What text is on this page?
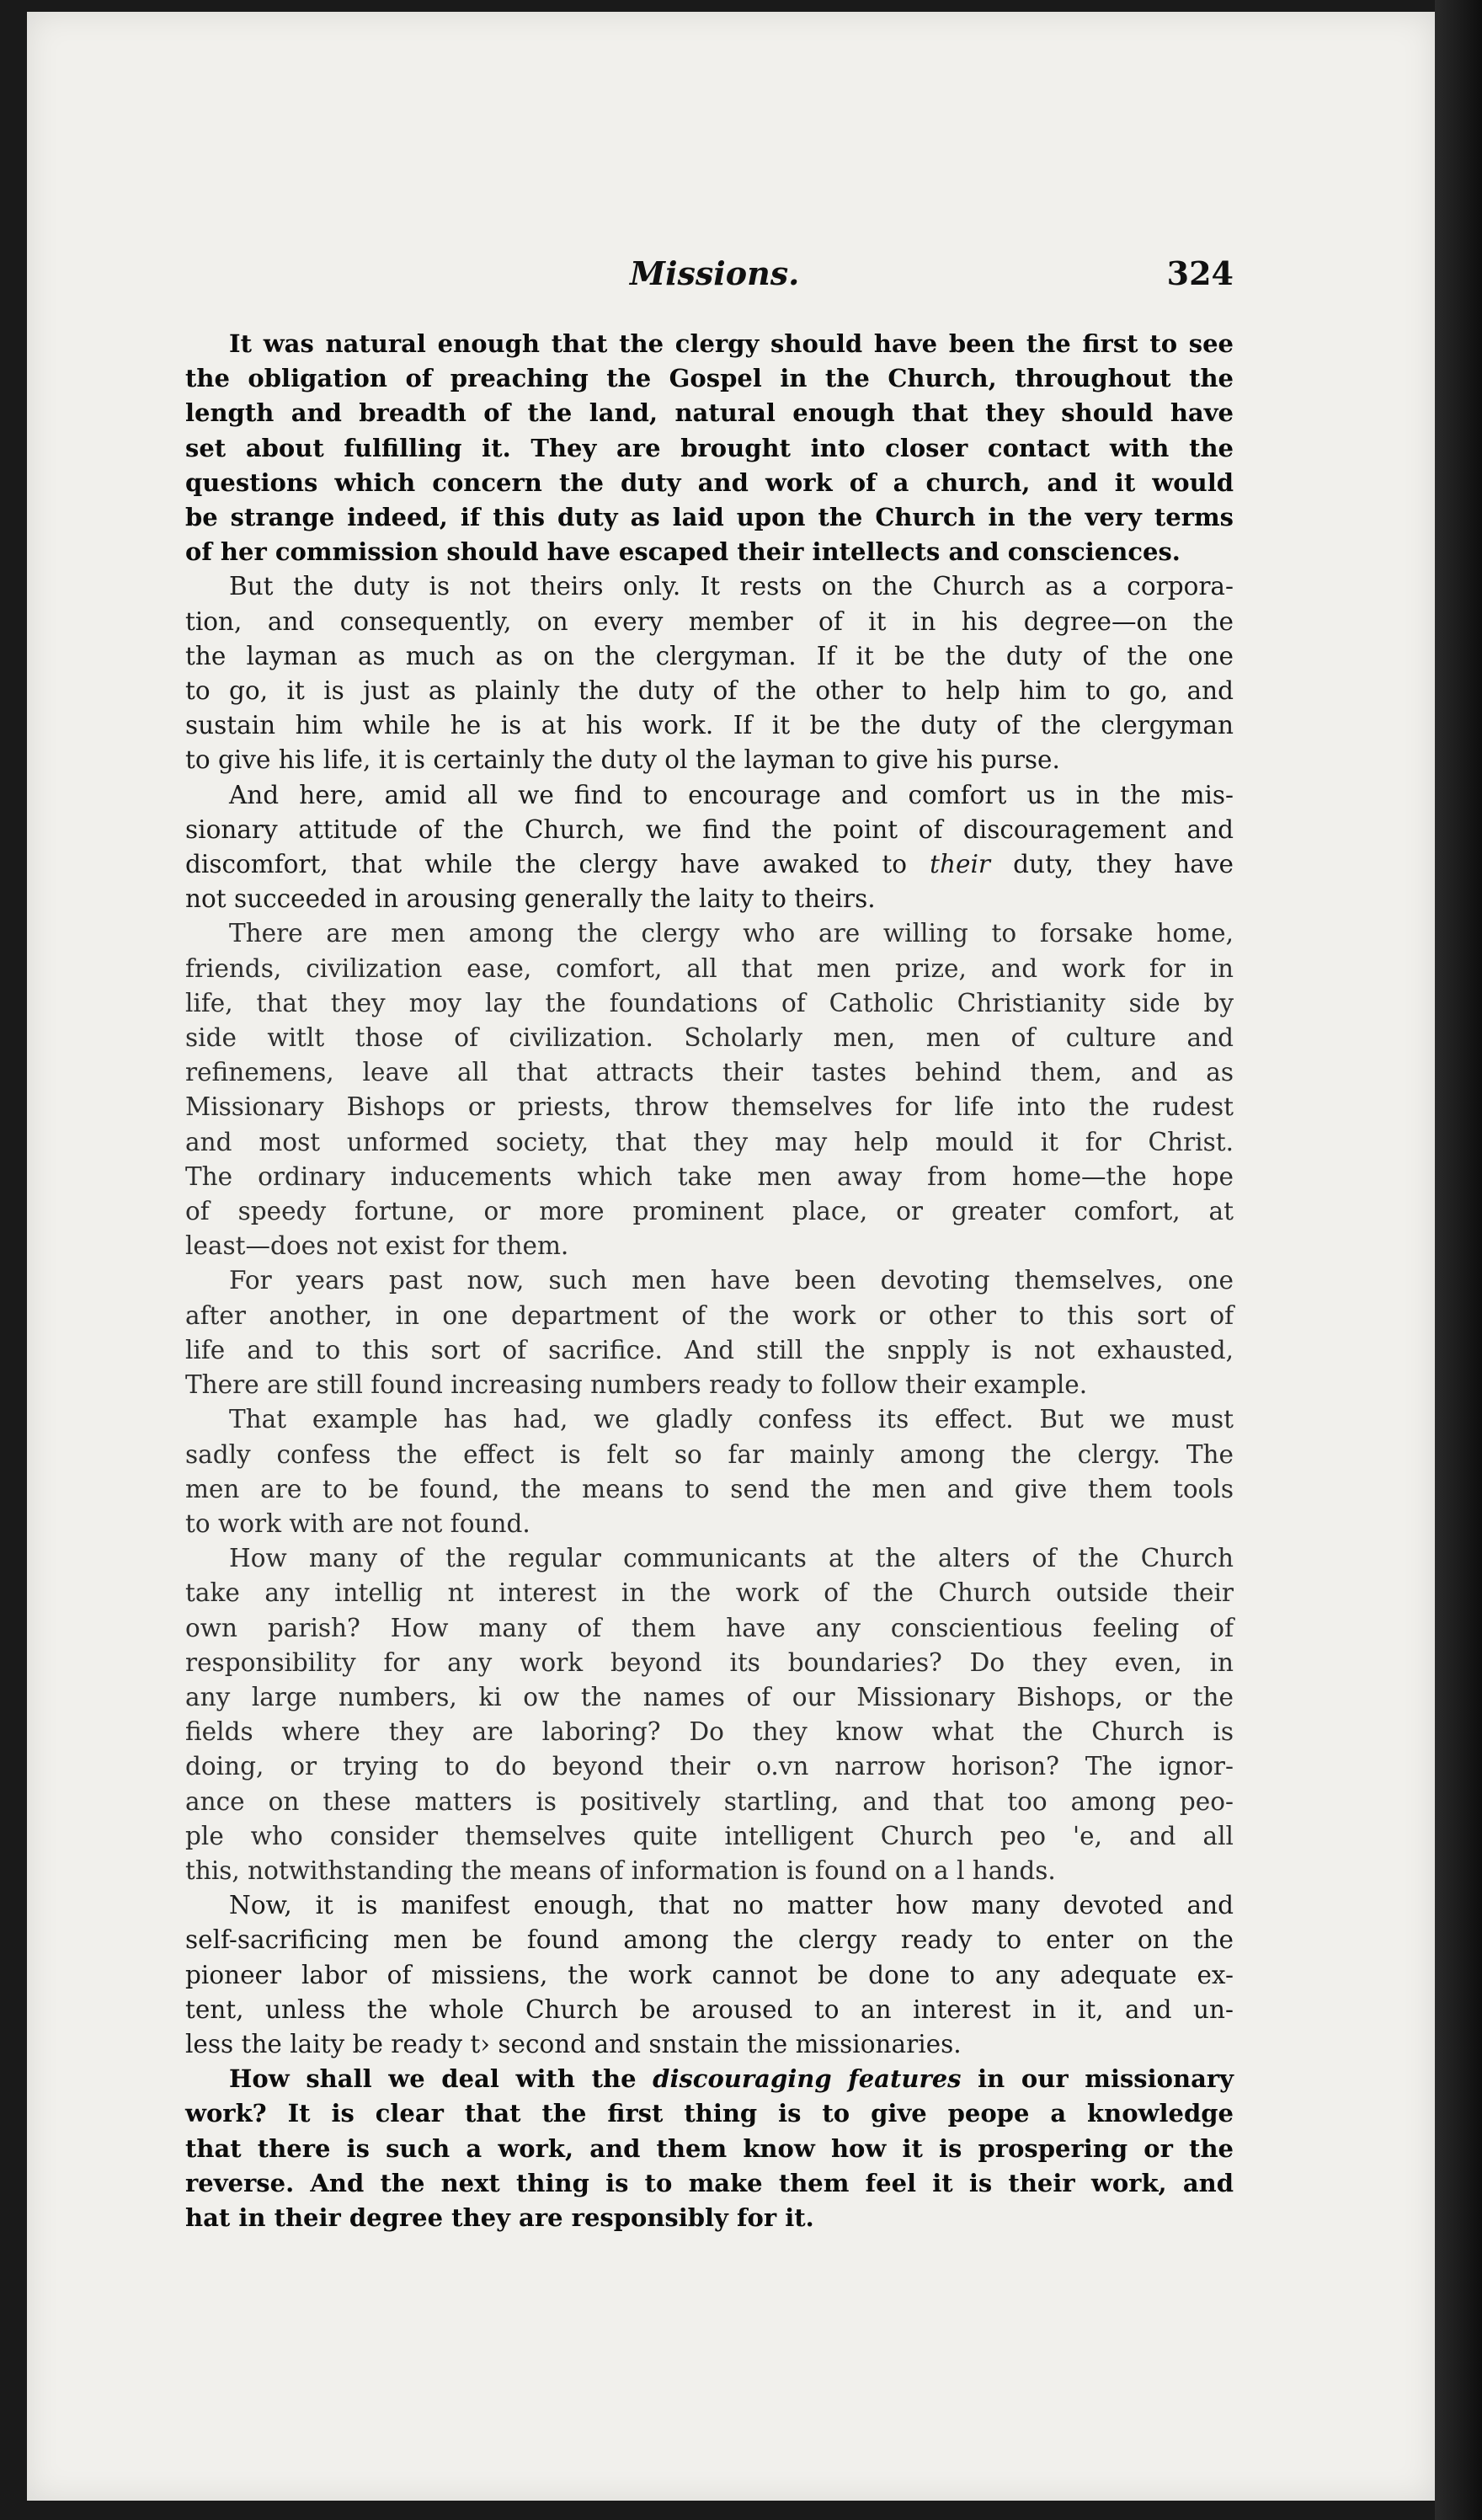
Missions.	324
It was natural enough that the clergy should have been the first to see
the obligation of preaching the Gospel in the Church, throughout the
length and breadth of the land, natural enough that they should have
set about fulfilling it. They are brought into closer contact with the
questions which concern the duty and work of a church, and it would
be strange indeed, if this duty as laid upon the Church in the very terms
of her commission should have escaped their intellects and consciences.
But the duty is not theirs only. It rests on the Church as a corpora-
tion, and consequently, on every member of it in his degree—on the
the layman as much as on the clergyman. If it be the duty of the one
to go, it is just as plainly the duty of the other to help him to go, and
sustain him while he is at his work. If it be the duty of the clergyman
to give his life, it is certainly the duty ol the layman to give his purse.
And here, amid all we find to encourage and comfort us in the mis-
sionary attitude of the Church, we find the point of discouragement and
discomfort, that while the clergy have awaked to their duty, they have
not succeeded in arousing generally the laity to theirs.
There are men among the clergy who are willing to forsake home,
friends, civilization ease, comfort, all that men prize, and work for in
life, that they moy lay the foundations of Catholic Christianity side by
side witlt those of civilization. Scholarly men, men of culture and
refinemens, leave all that attracts their tastes behind them, and as
Missionary Bishops or priests, throw themselves for life into the rudest
and most unformed society, that they may help mould it for Christ.
The ordinary inducements which take men away from home—the hope
of speedy fortune, or more prominent place, or greater comfort, at
least—does not exist for them.
For years past now, such men have been devoting themselves, one
after another, in one department of the work or other to this sort of
life and to this sort of sacrifice. And still the snpply is not exhausted,
There are still found increasing numbers ready to follow their example.
That example has had, we gladly confess its effect. But we must
sadly confess the effect is felt so far mainly among the clergy. The
men are to be found, the means to send the men and give them tools
to work with are not found.
How many of the regular communicants at the alters of the Church
take any intellig nt interest in the work of the Church outside their
own parish? How many of them have any conscientious feeling of
responsibility for any work beyond its boundaries? Do they even, in
any large numbers, ki ow the names of our Missionary Bishops, or the
fields where they are laboring? Do they know what the Church is
doing, or trying to do beyond their o.vn narrow horison? The ignor-
ance on these matters is positively startling, and that too among peo-
ple who consider themselves quite intelligent Church peo 'e, and all
this, notwithstanding the means of information is found on a l hands.
Now, it is manifest enough, that no matter how many devoted and
self-sacrificing men be found among the clergy ready to enter on the
pioneer labor of missiens, the work cannot be done to any adequate ex-
tent, unless the whole Church be aroused to an interest in it, and un-
less the laity be ready t› second and snstain the missionaries.
How shall we deal with the discouraging features in our missionary
work? It is clear that the first thing is to give peope a knowledge
that there is such a work, and them know how it is prospering or the
reverse. And the next thing is to make them feel it is their work, and
hat in their degree they are responsibly for it.
